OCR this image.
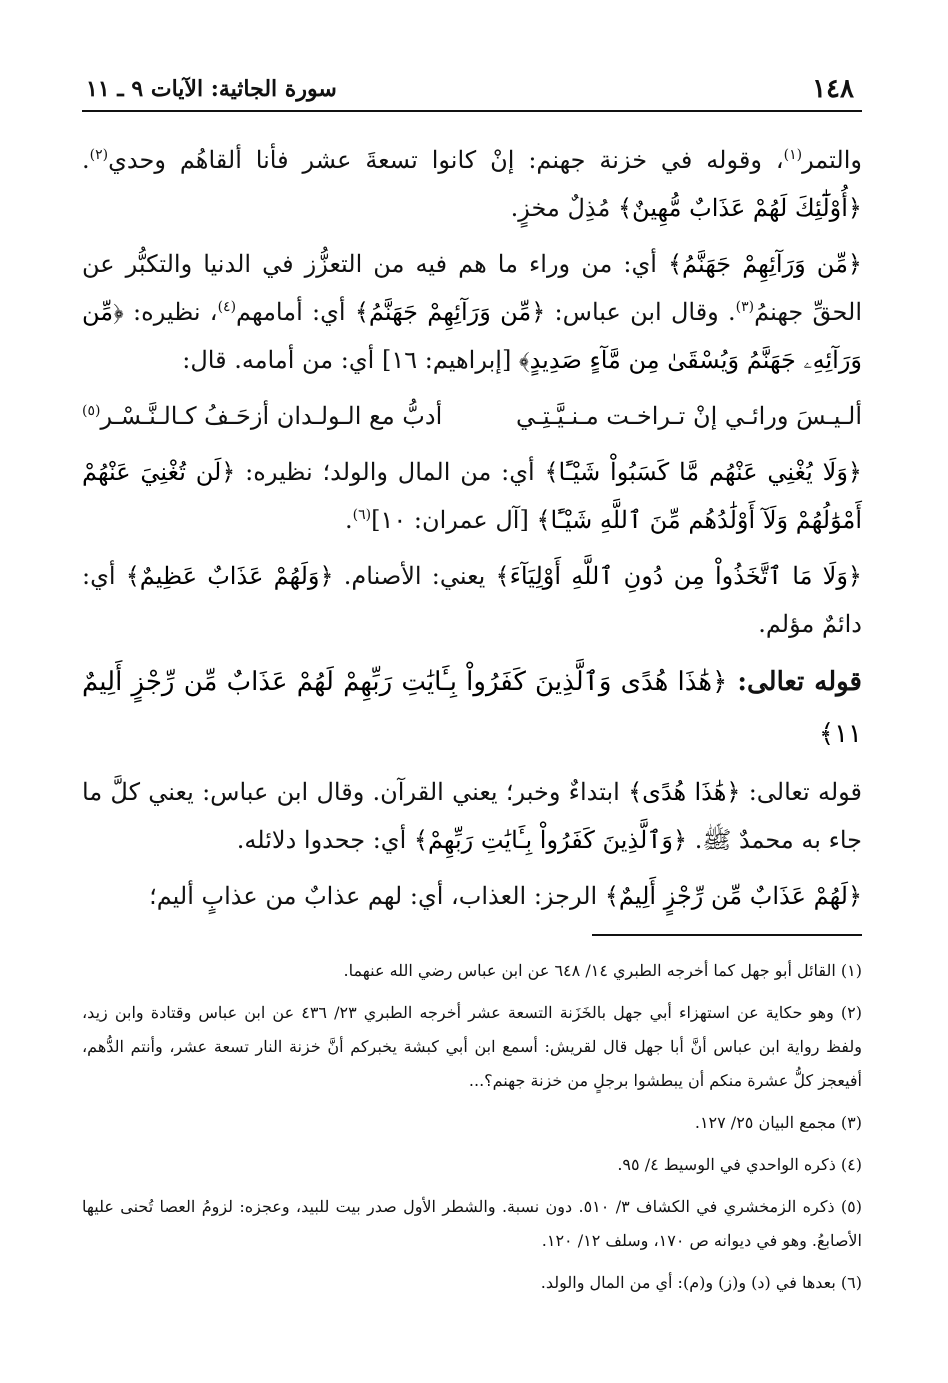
١٤٨
سورة الجاثية: الآيات ٩ ـ ١١

والتمر$^{(١)}$، وقوله في خزنة جهنم: إنْ كانوا تسعةَ عشر فأنا ألقاهُم وحدي$^{(٢)}$. ﴿أُوْلَٰٓئِكَ لَهُمْ عَذَابٌ مُّهِينٌ﴾ مُذِلٌ مخزٍ.

﴿مِّن وَرَآئِهِمْ جَهَنَّمُ﴾ أي: من وراء ما هم فيه من التعزُّز في الدنيا والتكبُّر عن الحقِّ جهنمُ$^{(٣)}$. وقال ابن عباس: ﴿مِّن وَرَآئِهِمْ جَهَنَّمُ﴾ أي: أمامهم$^{(٤)}$، نظيره: ﴿مِّن وَرَآئِهِۦ جَهَنَّمُ وَيُسْقَىٰ مِن مَّآءٍ صَدِيدٍ﴾ [إبراهيم: ١٦] أي: من أمامه. قال:

ألـيـسَ ورائـي إنْ تـراخـت مـنـيَّـتِـي
أدبُّ مع الـولـدان أزحَـفُ كـالـنَّـسْـر$^{(٥)}$

﴿وَلَا يُغْنِي عَنْهُم مَّا كَسَبُواْ شَيْـًٔا﴾ أي: من المال والولد؛ نظيره: ﴿لَن تُغْنِيَ عَنْهُمْ أَمْوَٰلُهُمْ وَلَآ أَوْلَٰدُهُم مِّنَ ٱللَّهِ شَيْـًٔا﴾ [آل عمران: ١٠]$^{(٦)}$.

﴿وَلَا مَا ٱتَّخَذُواْ مِن دُونِ ٱللَّهِ أَوْلِيَآءَ﴾ يعني: الأصنام. ﴿وَلَهُمْ عَذَابٌ عَظِيمٌ﴾ أي: دائمٌ مؤلم.

قوله تعالى: ﴿هَٰذَا هُدًى وَٱلَّذِينَ كَفَرُواْ بِـَٔايَٰتِ رَبِّهِمْ لَهُمْ عَذَابٌ مِّن رِّجْزٍ أَلِيمٌ ١١﴾

قوله تعالى: ﴿هَٰذَا هُدًى﴾ ابتداءٌ وخبر؛ يعني القرآن. وقال ابن عباس: يعني كلَّ ما جاء به محمدٌ ﷺ. ﴿وَٱلَّذِينَ كَفَرُواْ بِـَٔايَٰتِ رَبِّهِمْ﴾ أي: جحدوا دلائله.

﴿لَهُمْ عَذَابٌ مِّن رِّجْزٍ أَلِيمٌ﴾ الرجز: العذاب، أي: لهم عذابٌ من عذابٍ أليم؛

(١) القائل أبو جهل كما أخرجه الطبري ١٤/ ٦٤٨ عن ابن عباس رضي الله عنهما.

(٢) وهو حكاية عن استهزاء أبي جهل بالخَزَنة التسعة عشر أخرجه الطبري ٢٣/ ٤٣٦ عن ابن عباس وقتادة وابن زيد، ولفظ رواية ابن عباس أنَّ أبا جهل قال لقريش: أسمع ابن أبي كبشة يخبركم أنَّ خزنة النار تسعة عشر، وأنتم الدُّهم، أفيعجز كلُّ عشرة منكم أن يبطشوا برجلٍ من خزنة جهنم؟...

(٣) مجمع البيان ٢٥/ ١٢٧.

(٤) ذكره الواحدي في الوسيط ٤/ ٩٥.

(٥) ذكره الزمخشري في الكشاف ٣/ ٥١٠. دون نسبة. والشطر الأول صدر بيت للبيد، وعجزه: لزومُ العصا تُحنى عليها الأصابعُ. وهو في ديوانه ص ١٧٠، وسلف ١٢/ ١٢٠.

(٦) بعدها في (د) و(ز) و(م): أي من المال والولد.
